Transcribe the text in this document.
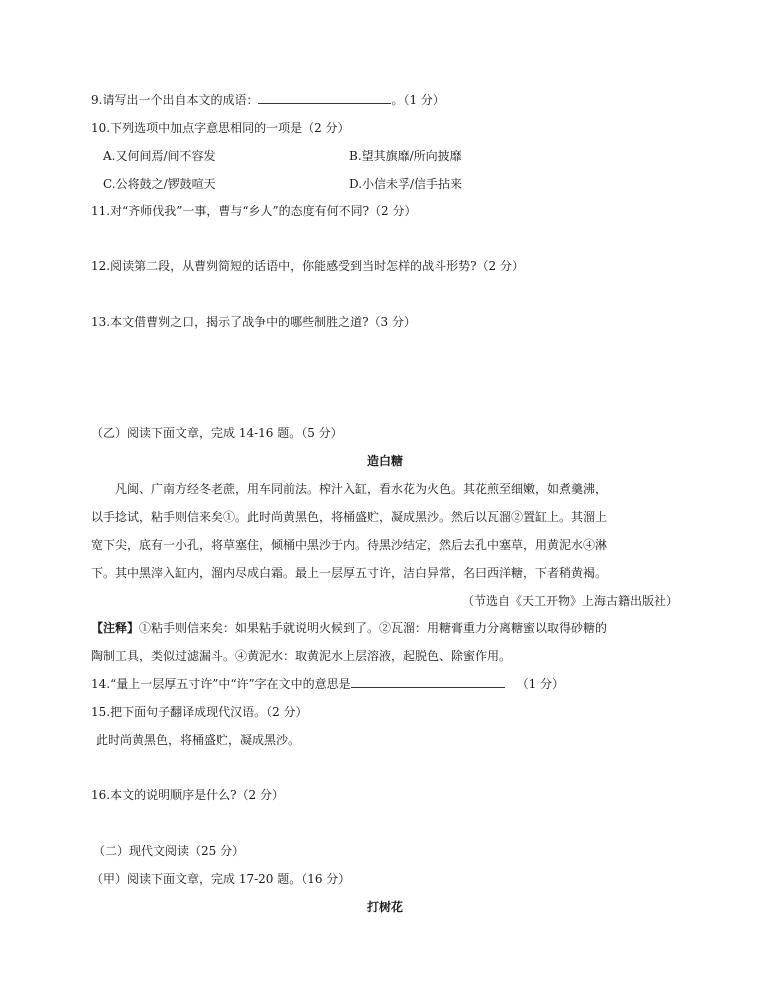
9.请写出一个出自本文的成语：	。（1 分）
10.下列选项中加点字意思相同的一项是（2 分）
A.又何间焉/间不容发	B.望其旗靡/所向披靡
C.公将鼓之/锣鼓喧天	D.小信未孚/信手拈来
11.对“齐师伐我”一事，曹与“乡人”的态度有何不同?（2 分）
12.阅读第二段，从曹刿简短的话语中，你能感受到当时怎样的战斗形势?（2 分）
13.本文借曹刿之口，揭示了战争中的哪些制胜之道?（3 分）
（乙）阅读下面文章，完成 14-16 题。（5 分）
造白糖
凡闽、广南方经冬老蔗，用车同前法。榨汁入缸，看水花为火色。其花煎至细嫩，如煮羹沸，
以手捻试，粘手则信来矣①。此时尚黄黑色，将桶盛贮，凝成黑沙。然后以瓦溜②置缸上。其溜上
宽下尖，底有一小孔，将草塞住，倾桶中黑沙于内。待黑沙结定，然后去孔中塞草，用黄泥水④淋
下。其中黑滓入缸内，溜内尽成白霜。最上一层厚五寸许，洁白异常，名曰西洋糖，下者稍黄褐。
（节选自《天工开物》上海古籍出版社）
【注释】①粘手则信来矣：如果粘手就说明火候到了。②瓦溜：用糖膏重力分离糖蜜以取得砂糖的
陶制工具，类似过滤漏斗。④黄泥水：取黄泥水上层溶液，起脱色、除蜜作用。
14.“量上一层厚五寸许”中“许”字在文中的意思是	（1 分）
15.把下面句子翻译成现代汉语。（2 分）
此时尚黄黑色，将桶盛贮，凝成黑沙。
16.本文的说明顺序是什么?（2 分）
（二）现代文阅读（25 分）
（甲）阅读下面文章，完成 17-20 题。（16 分）
打树花
